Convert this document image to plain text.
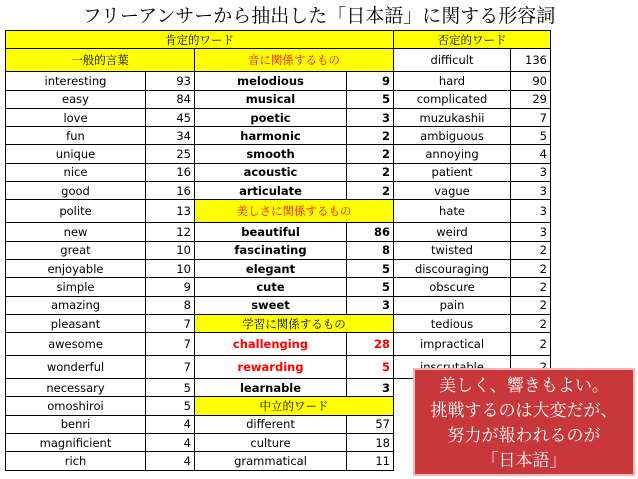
フリーアンサーから抽出した「日本語」に関する形容詞
肯定的ワード				否定的ワード	
一般的言葉		音に関係するもの		difficult	136
interesting	93	melodious	9	hard	90
easy	84	musical	5	complicated	29
love	45	poetic	3	muzukashii	7
fun	34	harmonic	2	ambiguous	5
unique	25	smooth	2	annoying	4
nice	16	acoustic	2	patient	3
good	16	articulate	2	vague	3
polite	13	美しさに関係するもの		hate	3
new	12	beautiful	86	weird	3
great	10	fascinating	8	twisted	2
enjoyable	10	elegant	5	discouraging	2
simple	9	cute	5	obscure	2
amazing	8	sweet	3	pain	2
pleasant	7	学習に関係するもの		tedious	2
awesome	7	challenging	28	impractical	2
wonderful	7	rewarding	5		
necessary	5	learnable	3		
omoshiroi	5	中立的ワード			
benri	4	different	57		
magnificient	4	culture	18		
rich	4	grammatical	11		
美しく、響きもよい。
挑戦するのは大変だが、
努力が報われるのが
「日本語」
